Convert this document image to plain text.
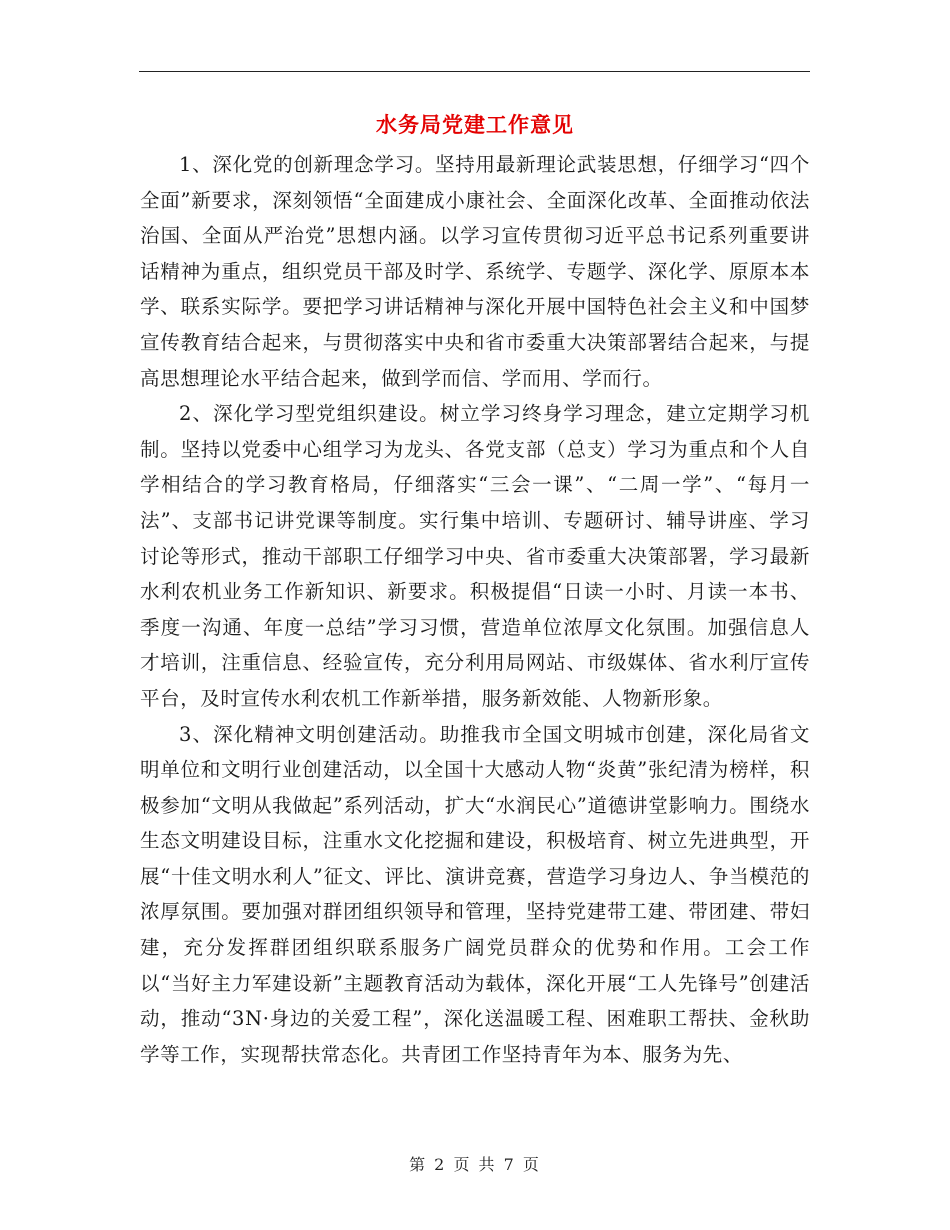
水务局党建工作意见

1、深化党的创新理念学习。坚持用最新理论武装思想，仔细学习“四个全面”新要求，深刻领悟“全面建成小康社会、全面深化改革、全面推动依法治国、全面从严治党”思想内涵。以学习宣传贯彻习近平总书记系列重要讲话精神为重点，组织党员干部及时学、系统学、专题学、深化学、原原本本学、联系实际学。要把学习讲话精神与深化开展中国特色社会主义和中国梦宣传教育结合起来，与贯彻落实中央和省市委重大决策部署结合起来，与提高思想理论水平结合起来，做到学而信、学而用、学而行。

2、深化学习型党组织建设。树立学习终身学习理念，建立定期学习机制。坚持以党委中心组学习为龙头、各党支部（总支）学习为重点和个人自学相结合的学习教育格局，仔细落实“三会一课”、“二周一学”、“每月一法”、支部书记讲党课等制度。实行集中培训、专题研讨、辅导讲座、学习讨论等形式，推动干部职工仔细学习中央、省市委重大决策部署，学习最新水利农机业务工作新知识、新要求。积极提倡“日读一小时、月读一本书、季度一沟通、年度一总结”学习习惯，营造单位浓厚文化氛围。加强信息人才培训，注重信息、经验宣传，充分利用局网站、市级媒体、省水利厅宣传平台，及时宣传水利农机工作新举措，服务新效能、人物新形象。

3、深化精神文明创建活动。助推我市全国文明城市创建，深化局省文明单位和文明行业创建活动，以全国十大感动人物“炎黄”张纪清为榜样，积极参加“文明从我做起”系列活动，扩大“水润民心”道德讲堂影响力。围绕水生态文明建设目标，注重水文化挖掘和建设，积极培育、树立先进典型，开展“十佳文明水利人”征文、评比、演讲竞赛，营造学习身边人、争当模范的浓厚氛围。要加强对群团组织领导和管理，坚持党建带工建、带团建、带妇建，充分发挥群团组织联系服务广阔党员群众的优势和作用。工会工作以“当好主力军建设新”主题教育活动为载体，深化开展“工人先锋号”创建活动，推动“3N·身边的关爱工程”，深化送温暖工程、困难职工帮扶、金秋助学等工作，实现帮扶常态化。共青团工作坚持青年为本、服务为先、

第 2 页 共 7 页
